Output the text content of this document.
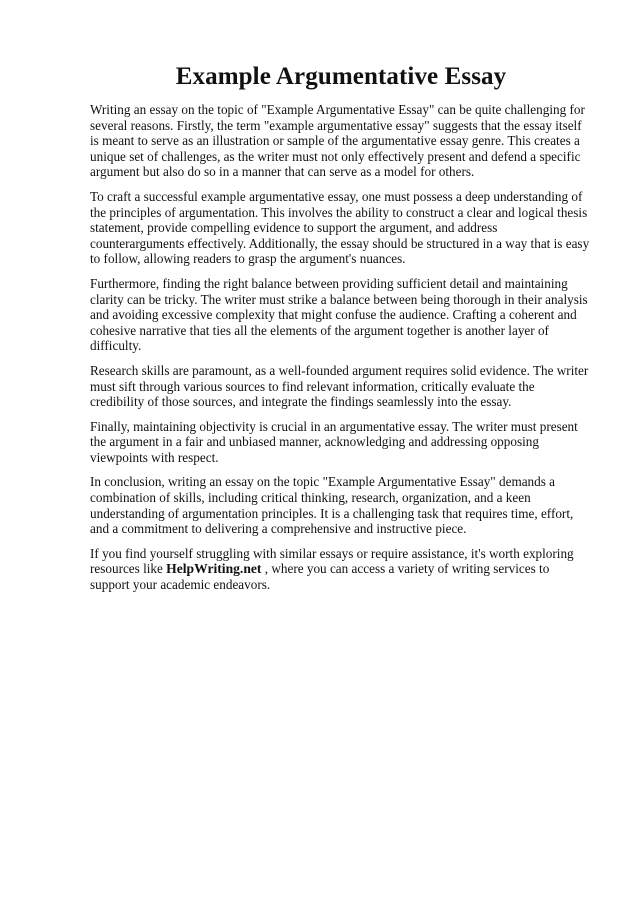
Example Argumentative Essay

Writing an essay on the topic of "Example Argumentative Essay" can be quite challenging for several reasons. Firstly, the term "example argumentative essay" suggests that the essay itself is meant to serve as an illustration or sample of the argumentative essay genre. This creates a unique set of challenges, as the writer must not only effectively present and defend a specific argument but also do so in a manner that can serve as a model for others.

To craft a successful example argumentative essay, one must possess a deep understanding of the principles of argumentation. This involves the ability to construct a clear and logical thesis statement, provide compelling evidence to support the argument, and address counterarguments effectively. Additionally, the essay should be structured in a way that is easy to follow, allowing readers to grasp the argument's nuances.

Furthermore, finding the right balance between providing sufficient detail and maintaining clarity can be tricky. The writer must strike a balance between being thorough in their analysis and avoiding excessive complexity that might confuse the audience. Crafting a coherent and cohesive narrative that ties all the elements of the argument together is another layer of difficulty.

Research skills are paramount, as a well-founded argument requires solid evidence. The writer must sift through various sources to find relevant information, critically evaluate the credibility of those sources, and integrate the findings seamlessly into the essay.

Finally, maintaining objectivity is crucial in an argumentative essay. The writer must present the argument in a fair and unbiased manner, acknowledging and addressing opposing viewpoints with respect.

In conclusion, writing an essay on the topic "Example Argumentative Essay" demands a combination of skills, including critical thinking, research, organization, and a keen understanding of argumentation principles. It is a challenging task that requires time, effort, and a commitment to delivering a comprehensive and instructive piece.

If you find yourself struggling with similar essays or require assistance, it's worth exploring resources like HelpWriting.net , where you can access a variety of writing services to support your academic endeavors.
